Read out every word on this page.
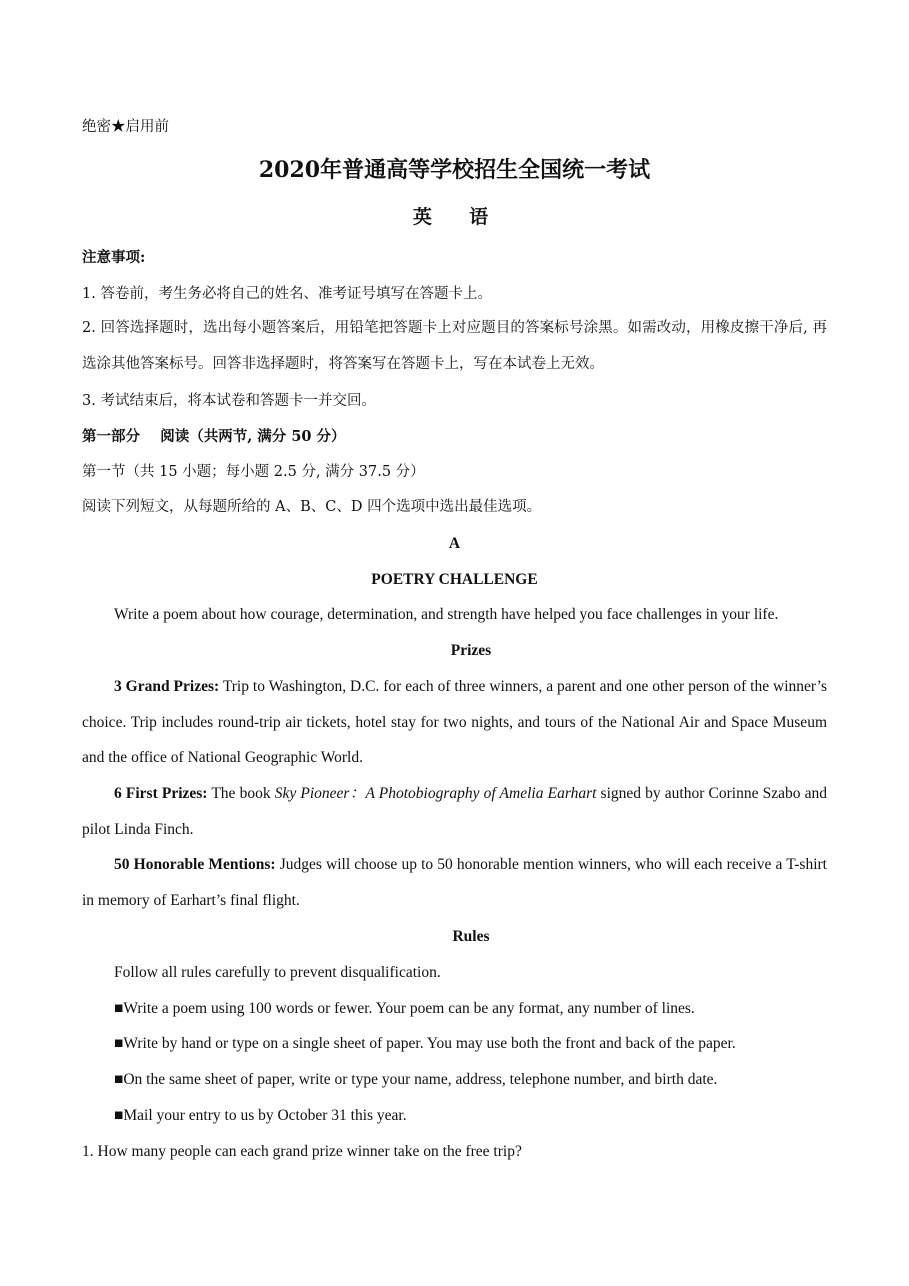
绝密★启用前
2020年普通高等学校招生全国统一考试
英  语
注意事项:
1. 答卷前，考生务必将自己的姓名、准考证号填写在答题卡上。
2. 回答选择题时，选出每小题答案后，用铅笔把答题卡上对应题目的答案标号涂黑。如需改动，用橡皮擦干净后, 再选涂其他答案标号。回答非选择题时，将答案写在答题卡上，写在本试卷上无效。
3. 考试结束后，将本试卷和答题卡一并交回。
第一部分    阅读（共两节, 满分 50 分）
第一节（共 15 小题；每小题 2.5 分, 满分 37.5 分）
阅读下列短文，从每题所给的 A、B、C、D 四个选项中选出最佳选项。
A
POETRY CHALLENGE
Write a poem about how courage, determination, and strength have helped you face challenges in your life.
Prizes
3 Grand Prizes: Trip to Washington, D.C. for each of three winners, a parent and one other person of the winner’s choice. Trip includes round-trip air tickets, hotel stay for two nights, and tours of the National Air and Space Museum and the office of National Geographic World.
6 First Prizes: The book Sky Pioneer：A Photobiography of Amelia Earhart signed by author Corinne Szabo and pilot Linda Finch.
50 Honorable Mentions: Judges will choose up to 50 honorable mention winners, who will each receive a T-shirt in memory of Earhart’s final flight.
Rules
Follow all rules carefully to prevent disqualification.
■Write a poem using 100 words or fewer. Your poem can be any format, any number of lines.
■Write by hand or type on a single sheet of paper. You may use both the front and back of the paper.
■On the same sheet of paper, write or type your name, address, telephone number, and birth date.
■Mail your entry to us by October 31 this year.
1. How many people can each grand prize winner take on the free trip?
